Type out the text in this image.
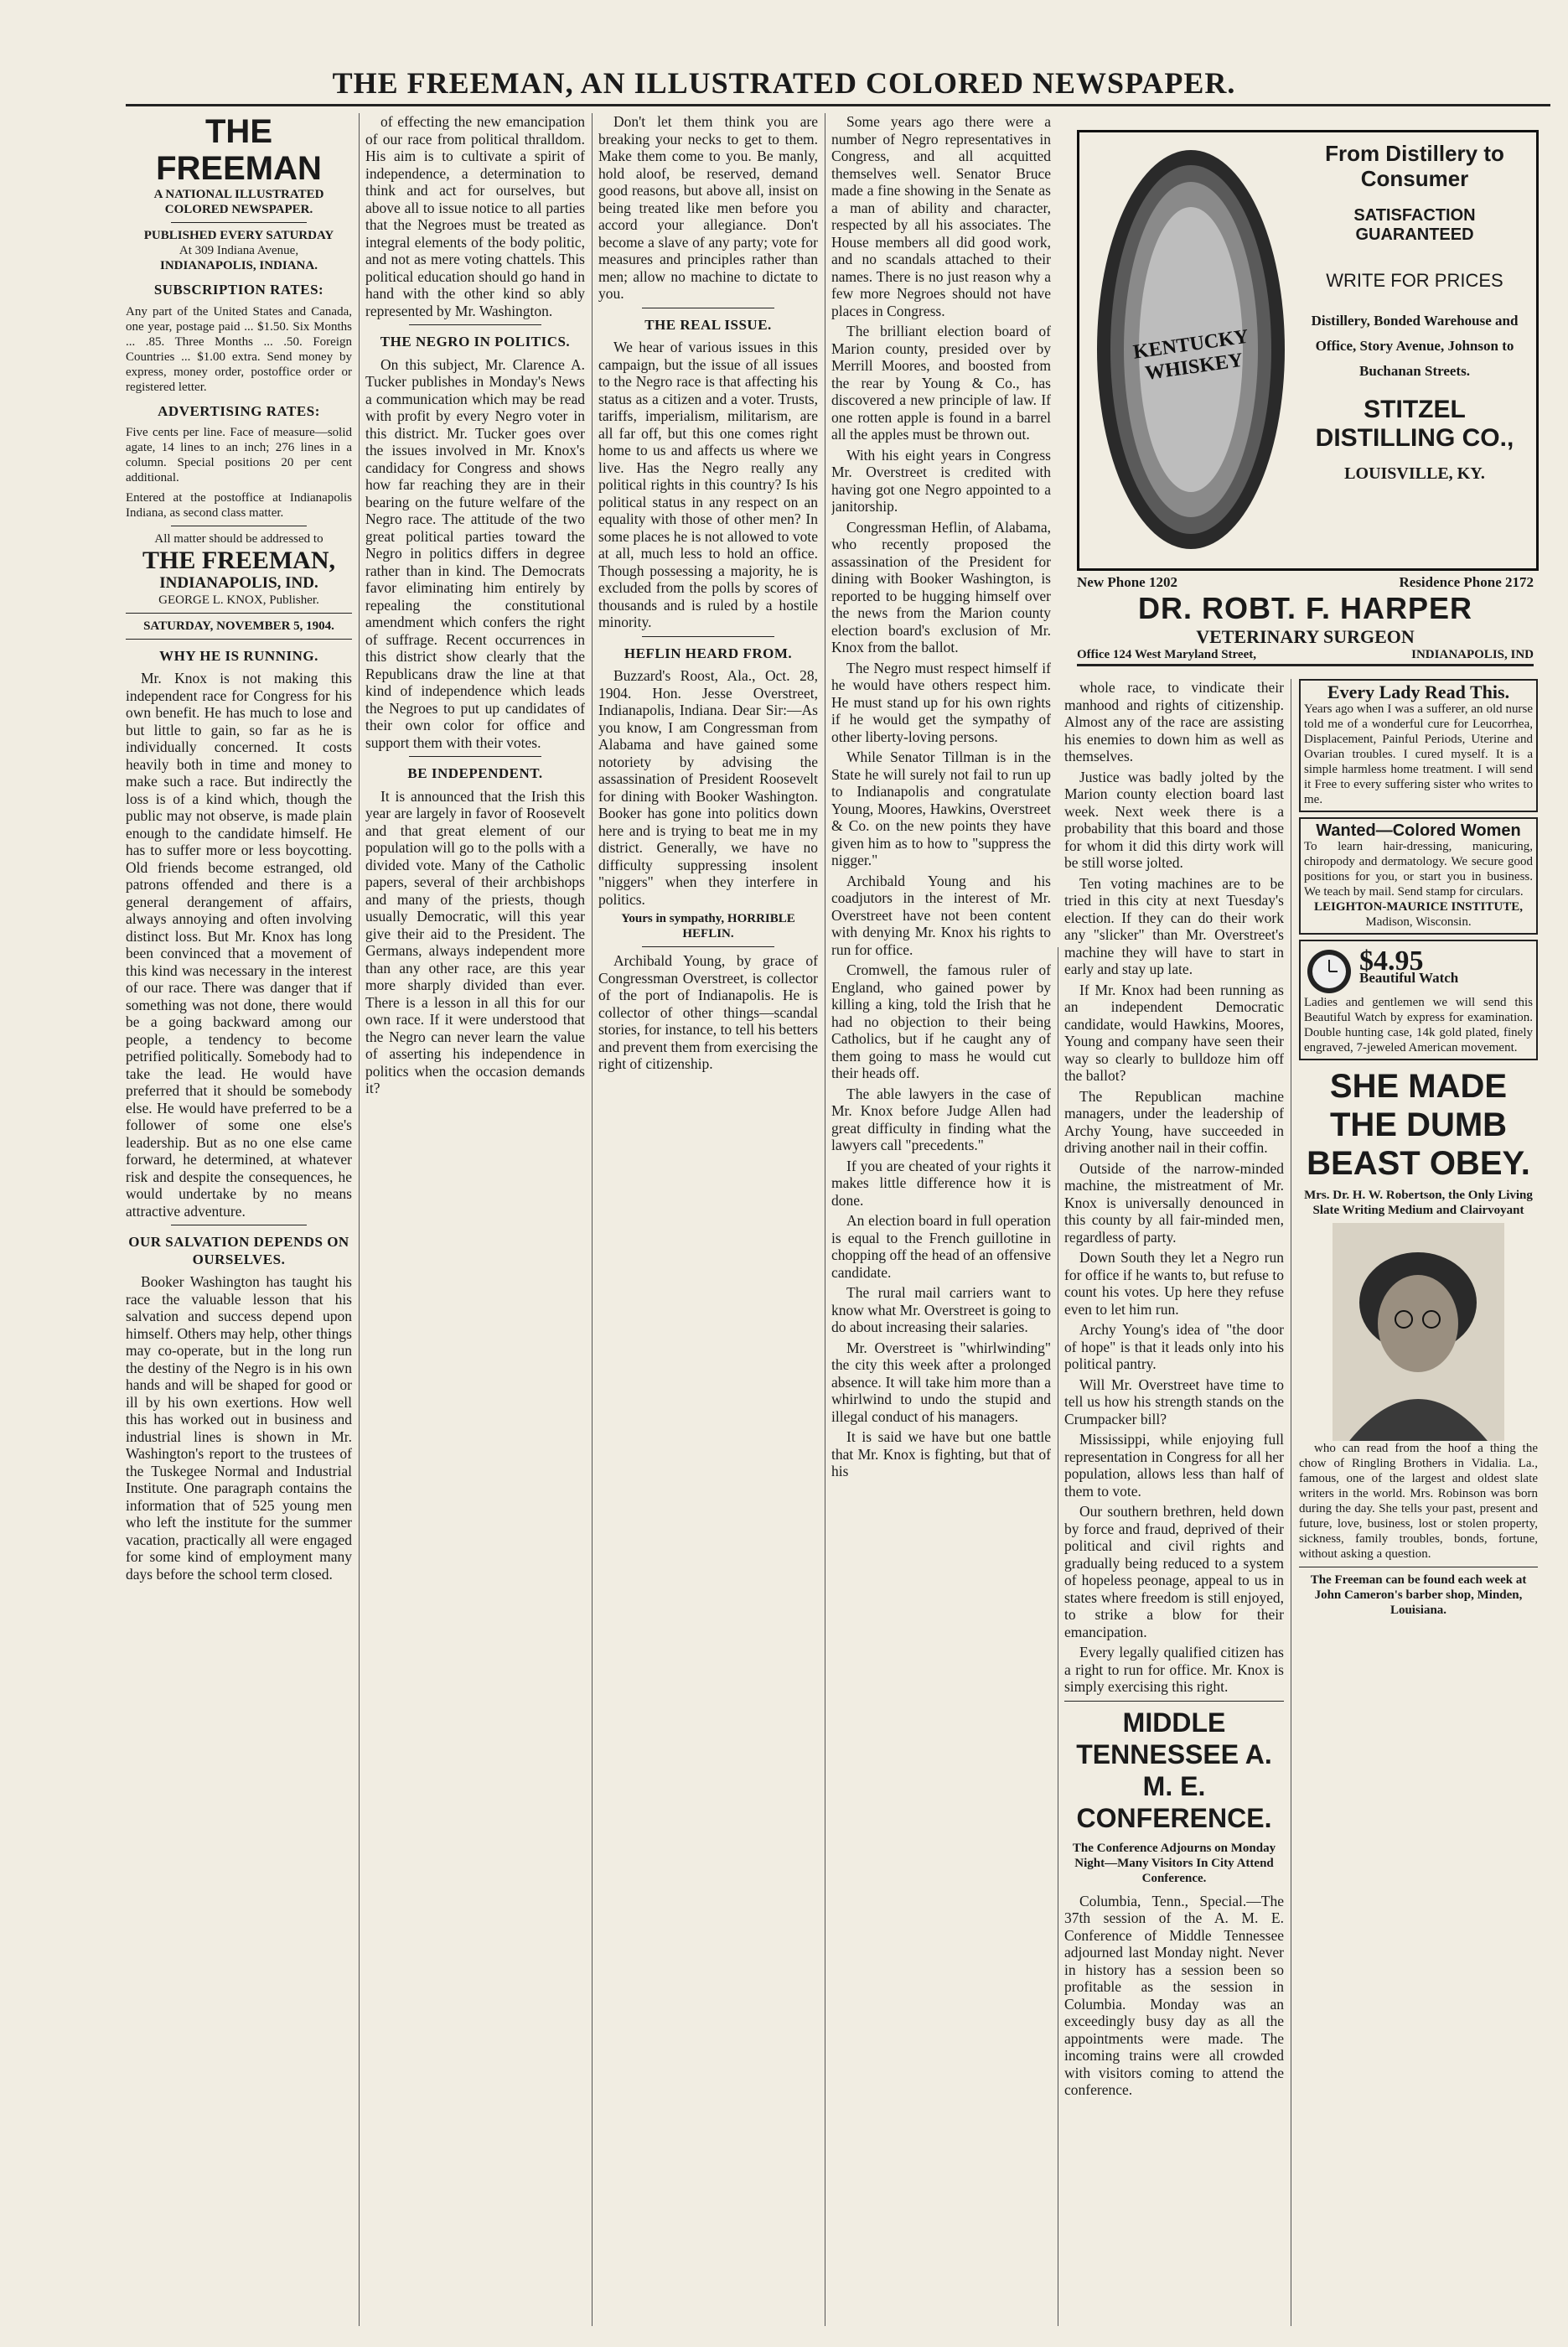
THE FREEMAN, AN ILLUSTRATED COLORED NEWSPAPER.
THE FREEMAN
A NATIONAL ILLUSTRATED COLORED NEWSPAPER.
PUBLISHED EVERY SATURDAY
At 309 Indiana Avenue,
INDIANAPOLIS, INDIANA.
SUBSCRIPTION RATES:
Any part of the United States and Canada, one year, postage paid ... $1.50. Six Months ... .85. Three Months ... .50. Foreign Countries ... $1.00 extra. Send money by express, money order, postoffice order or registered letter.
ADVERTISING RATES:
Five cents per line. Face of measure—solid agate, 14 lines to an inch; 276 lines in a column. Special positions 20 per cent additional.
Entered at the postoffice at Indianapolis Indiana, as second class matter.
All matter should be addressed to
THE FREEMAN,
INDIANAPOLIS, IND.
GEORGE L. KNOX, Publisher.
SATURDAY, NOVEMBER 5, 1904.
WHY HE IS RUNNING.

Mr. Knox is not making this independent race for Congress for his own benefit. He has much to lose and but little to gain, so far as he is individually concerned. It costs heavily both in time and money to make such a race. But indirectly the loss is of a kind which, though the public may not observe, is made plain enough to the candidate himself. He has to suffer more or less boycotting. Old friends become estranged, old patrons offended and there is a general derangement of affairs, always annoying and often involving distinct loss. But Mr. Knox has long been convinced that a movement of this kind was necessary in the interest of our race. There was danger that if something was not done, there would be a going backward among our people, a tendency to become petrified politically. Somebody had to take the lead. He would have preferred that it should be somebody else. He would have preferred to be a follower of some one else's leadership. But as no one else came forward, he determined, at whatever risk and despite the consequences, he would undertake by no means attractive adventure.

OUR SALVATION DEPENDS ON OURSELVES.

Booker Washington has taught his race the valuable lesson that his salvation and success depend upon himself. Others may help, other things may co-operate, but in the long run the destiny of the Negro is in his own hands and will be shaped for good or ill by his own exertions. How well this has worked out in business and industrial lines is shown in Mr. Washington's report to the trustees of the Tuskegee Normal and Industrial Institute. One paragraph contains the information that of 525 young men who left the institute for the summer vacation, practically all were engaged for some kind of employment many days before the school term closed.

of effecting the new emancipation of our race from political thralldom. His aim is to cultivate a spirit of independence, a determination to think and act for ourselves, but above all to issue notice to all parties that the Negroes must be treated as integral elements of the body politic, and not as mere voting chattels. This political education should go hand in hand with the other kind so ably represented by Mr. Washington.

THE NEGRO IN POLITICS.

On this subject, Mr. Clarence A. Tucker publishes in Monday's News a communication which may be read with profit by every Negro voter in this district. Mr. Tucker goes over the issues involved in Mr. Knox's candidacy for Congress and shows how far reaching they are in their bearing on the future welfare of the Negro race. The attitude of the two great political parties toward the Negro in politics differs in degree rather than in kind. The Democrats favor eliminating him entirely by repealing the constitutional amendment which confers the right of suffrage. Recent occurrences in this district show clearly that the Republicans draw the line at that kind of independence which leads the Negroes to put up candidates of their own color for office and support them with their votes.

BE INDEPENDENT.

It is announced that the Irish this year are largely in favor of Roosevelt and that great element of our population will go to the polls with a divided vote. Many of the Catholic papers, several of their archbishops and many of the priests, though usually Democratic, will this year give their aid to the President. The Germans, always independent more than any other race, are this year more sharply divided than ever. There is a lesson in all this for our own race. If it were understood that the Negro can never learn the value of asserting his independence in politics when the occasion demands it?

Don't let them think you are breaking your necks to get to them. Make them come to you. Be manly, hold aloof, be reserved, demand good reasons, but above all, insist on being treated like men before you accord your allegiance. Don't become a slave of any party; vote for measures and principles rather than men; allow no machine to dictate to you.

THE REAL ISSUE.

We hear of various issues in this campaign, but the issue of all issues to the Negro race is that affecting his status as a citizen and a voter. Trusts, tariffs, imperialism, militarism, are all far off, but this one comes right home to us and affects us where we live. Has the Negro really any political rights in this country? Is his political status in any respect on an equality with those of other men? In some places he is not allowed to vote at all, much less to hold an office. Though possessing a majority, he is excluded from the polls by scores of thousands and is ruled by a hostile minority.

HEFLIN HEARD FROM.

Buzzard's Roost, Ala., Oct. 28, 1904. Hon. Jesse Overstreet, Indianapolis, Indiana. Dear Sir:—As you know, I am Congressman from Alabama and have gained some notoriety by advising the assassination of President Roosevelt for dining with Booker Washington. Booker has gone into politics down here and is trying to beat me in my district. Generally, we have no difficulty suppressing insolent "niggers" when they interfere in politics.

Yours in sympathy, HORRIBLE HEFLIN.

Archibald Young, by grace of Congressman Overstreet, is collector of the port of Indianapolis. He is collector of other things—scandal stories, for instance, to tell his betters and prevent them from exercising the right of citizenship.

Some years ago there were a number of Negro representatives in Congress, and all acquitted themselves well. Senator Bruce made a fine showing in the Senate as a man of ability and character, respected by all his associates. The House members all did good work, and no scandals attached to their names. There is no just reason why a few more Negroes should not have places in Congress.

The brilliant election board of Marion county, presided over by Merrill Moores, and boosted from the rear by Young & Co., has discovered a new principle of law. If one rotten apple is found in a barrel all the apples must be thrown out.

With his eight years in Congress Mr. Overstreet is credited with having got one Negro appointed to a janitorship.

Congressman Heflin, of Alabama, who recently proposed the assassination of the President for dining with Booker Washington, is reported to be hugging himself over the news from the Marion county election board's exclusion of Mr. Knox from the ballot.

The Negro must respect himself if he would have others respect him. He must stand up for his own rights if he would get the sympathy of other liberty-loving persons.

While Senator Tillman is in the State he will surely not fail to run up to Indianapolis and congratulate Young, Moores, Hawkins, Overstreet & Co. on the new points they have given him as to how to "suppress the nigger."

Archibald Young and his coadjutors in the interest of Mr. Overstreet have not been content with denying Mr. Knox his rights to run for office.

Cromwell, the famous ruler of England, who gained power by killing a king, told the Irish that he had no objection to their being Catholics, but if he caught any of them going to mass he would cut their heads off.

The able lawyers in the case of Mr. Knox before Judge Allen had great difficulty in finding what the lawyers call "precedents."

If you are cheated of your rights it makes little difference how it is done.

An election board in full operation is equal to the French guillotine in chopping off the head of an offensive candidate.

The rural mail carriers want to know what Mr. Overstreet is going to do about increasing their salaries.

Mr. Overstreet is "whirlwinding" the city this week after a prolonged absence. It will take him more than a whirlwind to undo the stupid and illegal conduct of his managers.

It is said we have but one battle that Mr. Knox is fighting, but that of his

KENTUCKY WHISKEY
From Distillery to Consumer
SATISFACTION GUARANTEED
WRITE FOR PRICES
Distillery, Bonded Warehouse and Office, Story Avenue, Johnson to Buchanan Streets.
STITZEL DISTILLING CO.,
LOUISVILLE, KY.
New Phone 1202	Residence Phone 2172
DR. ROBT. F. HARPER
VETERINARY SURGEON
Office 124 West Maryland Street,	INDIANAPOLIS, IND

whole race, to vindicate their manhood and rights of citizenship. Almost any of the race are assisting his enemies to down him as well as themselves.

Justice was badly jolted by the Marion county election board last week. Next week there is a probability that this board and those for whom it did this dirty work will be still worse jolted.

Ten voting machines are to be tried in this city at next Tuesday's election. If they can do their work any "slicker" than Mr. Overstreet's machine they will have to start in early and stay up late.

If Mr. Knox had been running as an independent Democratic candidate, would Hawkins, Moores, Young and company have seen their way so clearly to bulldoze him off the ballot?

The Republican machine managers, under the leadership of Archy Young, have succeeded in driving another nail in their coffin.

Outside of the narrow-minded machine, the mistreatment of Mr. Knox is universally denounced in this county by all fair-minded men, regardless of party.

Down South they let a Negro run for office if he wants to, but refuse to count his votes. Up here they refuse even to let him run.

Archy Young's idea of "the door of hope" is that it leads only into his political pantry.

Will Mr. Overstreet have time to tell us how his strength stands on the Crumpacker bill?

Mississippi, while enjoying full representation in Congress for all her population, allows less than half of them to vote.

Our southern brethren, held down by force and fraud, deprived of their political and civil rights and gradually being reduced to a system of hopeless peonage, appeal to us in states where freedom is still enjoyed, to strike a blow for their emancipation.

Every legally qualified citizen has a right to run for office. Mr. Knox is simply exercising this right.

MIDDLE TENNESSEE A. M. E. CONFERENCE.
The Conference Adjourns on Monday Night—Many Visitors In City Attend Conference.

Columbia, Tenn., Special.—The 37th session of the A. M. E. Conference of Middle Tennessee adjourned last Monday night. Never in history has a session been so profitable as the session in Columbia. Monday was an exceedingly busy day as all the appointments were made. The incoming trains were all crowded with visitors coming to attend the conference.

Every Lady Read This.
Years ago when I was a sufferer, an old nurse told me of a wonderful cure for Leucorrhea, Displacement, Painful Periods, Uterine and Ovarian troubles. I cured myself. It is a simple harmless home treatment. I will send it Free to every suffering sister who writes to me.
Wanted—Colored Women
To learn hair-dressing, manicuring, chiropody and dermatology. We secure good positions for you, or start you in business. We teach by mail. Send stamp for circulars.
LEIGHTON-MAURICE INSTITUTE,
Madison, Wisconsin.
$4.95
Beautiful Watch
Ladies and gentlemen we will send this Beautiful Watch by express for examination. Double hunting case, 14k gold plated, finely engraved, 7-jeweled American movement.
SHE MADE THE DUMB BEAST OBEY.
Mrs. Dr. H. W. Robertson, the Only Living Slate Writing Medium and Clairvoyant

who can read from the hoof a thing the chow of Ringling Brothers in Vidalia. La., famous, one of the largest and oldest slate writers in the world. Mrs. Robinson was born during the day. She tells your past, present and future, love, business, lost or stolen property, sickness, family troubles, bonds, fortune, without asking a question.

The Freeman can be found each week at John Cameron's barber shop, Minden, Louisiana.
